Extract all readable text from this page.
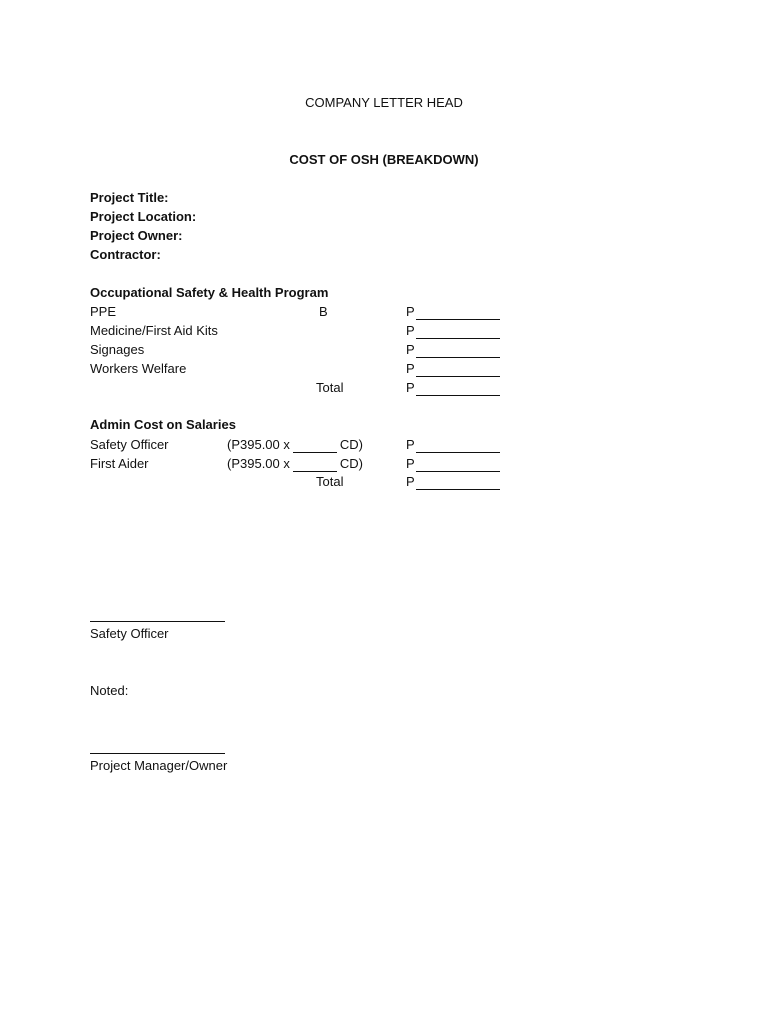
COMPANY LETTER HEAD
COST OF OSH (BREAKDOWN)
Project Title:
Project Location:
Project Owner:
Contractor:
Occupational Safety & Health Program
PPE	B	P
Medicine/First Aid Kits	P
Signages	P
Workers Welfare	P
Total	P
Admin Cost on Salaries
Safety Officer	(P395.00 x	CD)	P
First Aider	(P395.00 x	CD)	P
Total	P
Safety Officer
Noted:
Project Manager/Owner
